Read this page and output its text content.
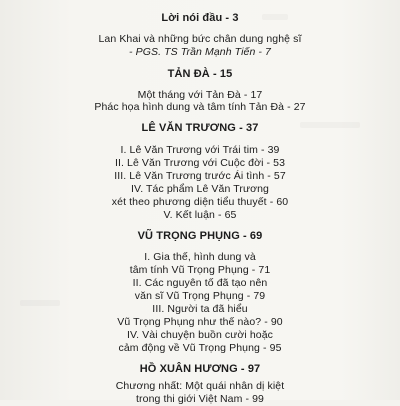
Lời nói đầu - 3
Lan Khai và những bức chân dung nghệ sĩ
- PGS. TS Trần Mạnh Tiến - 7
TẢN ĐÀ - 15
Một tháng với Tản Đà - 17
Phác họa hình dung và tâm tính Tản Đà - 27
LÊ VĂN TRƯƠNG - 37
I. Lê Văn Trương với Trái tim - 39
II. Lê Văn Trương với Cuộc đời - 53
III. Lê Văn Trương trước Ái tình - 57
IV. Tác phẩm Lê Văn Trương
xét theo phương diện tiểu thuyết - 60
V. Kết luận - 65
VŨ TRỌNG PHỤNG - 69
I. Gia thế, hình dung và
tâm tính Vũ Trọng Phụng - 71
II. Các nguyên tố đã tạo nên
văn sĩ Vũ Trọng Phụng - 79
III. Người ta đã hiểu
Vũ Trọng Phụng như thế nào? - 90
IV. Vài chuyện buồn cười hoặc
cảm động về Vũ Trọng Phụng - 95
HỒ XUÂN HƯƠNG - 97
Chương nhất: Một quái nhân dị kiệt
trong thi giới Việt Nam - 99
